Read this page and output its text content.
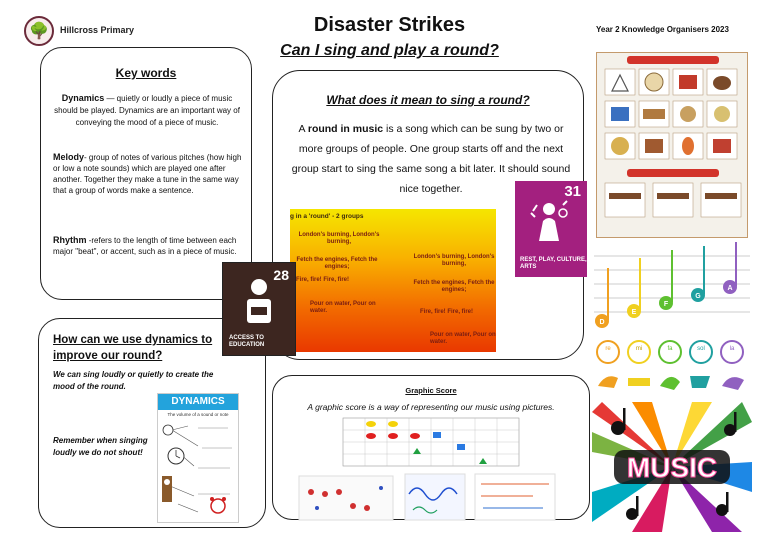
🌳 Hillcross Primary	Disaster Strikes
Can I sing and play a round?
Year 2 Knowledge Organisers 2023
Key words
Dynamics — quietly or loudly a piece of music should be played. Dynamics are an important way of conveying the mood of a piece of music.
Melody- group of notes of various pitches (how high or low a note sounds) which are played one after another. Together they make a tune in the same way that a group of words make a sentence.
Rhythm -refers to the length of time between each major "beat", or accent, such as in a piece of music.
What does it mean to sing a round?
A round in music is a song which can be sung by two or more groups of people. One group starts off and the next group start to sing the same song a bit later. It should sound nice together.
g in a 'round' - 2 groups
London's burning, London's burning,
Fetch the engines, Fetch the engines;
Fire, fire! Fire, fire!
Pour on water, Pour on water.
London's burning, London's burning,
Fetch the engines, Fetch the engines;
Fire, fire! Fire, fire!
Pour on water, Pour on water.
31
REST, PLAY, CULTURE, ARTS
28
ACCESS TO EDUCATION
How can we use dynamics to improve our round?
We can sing loudly or quietly to create the mood of the round.
Remember when singing loudly we do not shout!
DYNAMICS
The volume of a sound or note
Graphic Score
A graphic score is a way of representing our music using pictures.
D
E
F
G
A
re	mi	fa	sol	la
MUSIC
